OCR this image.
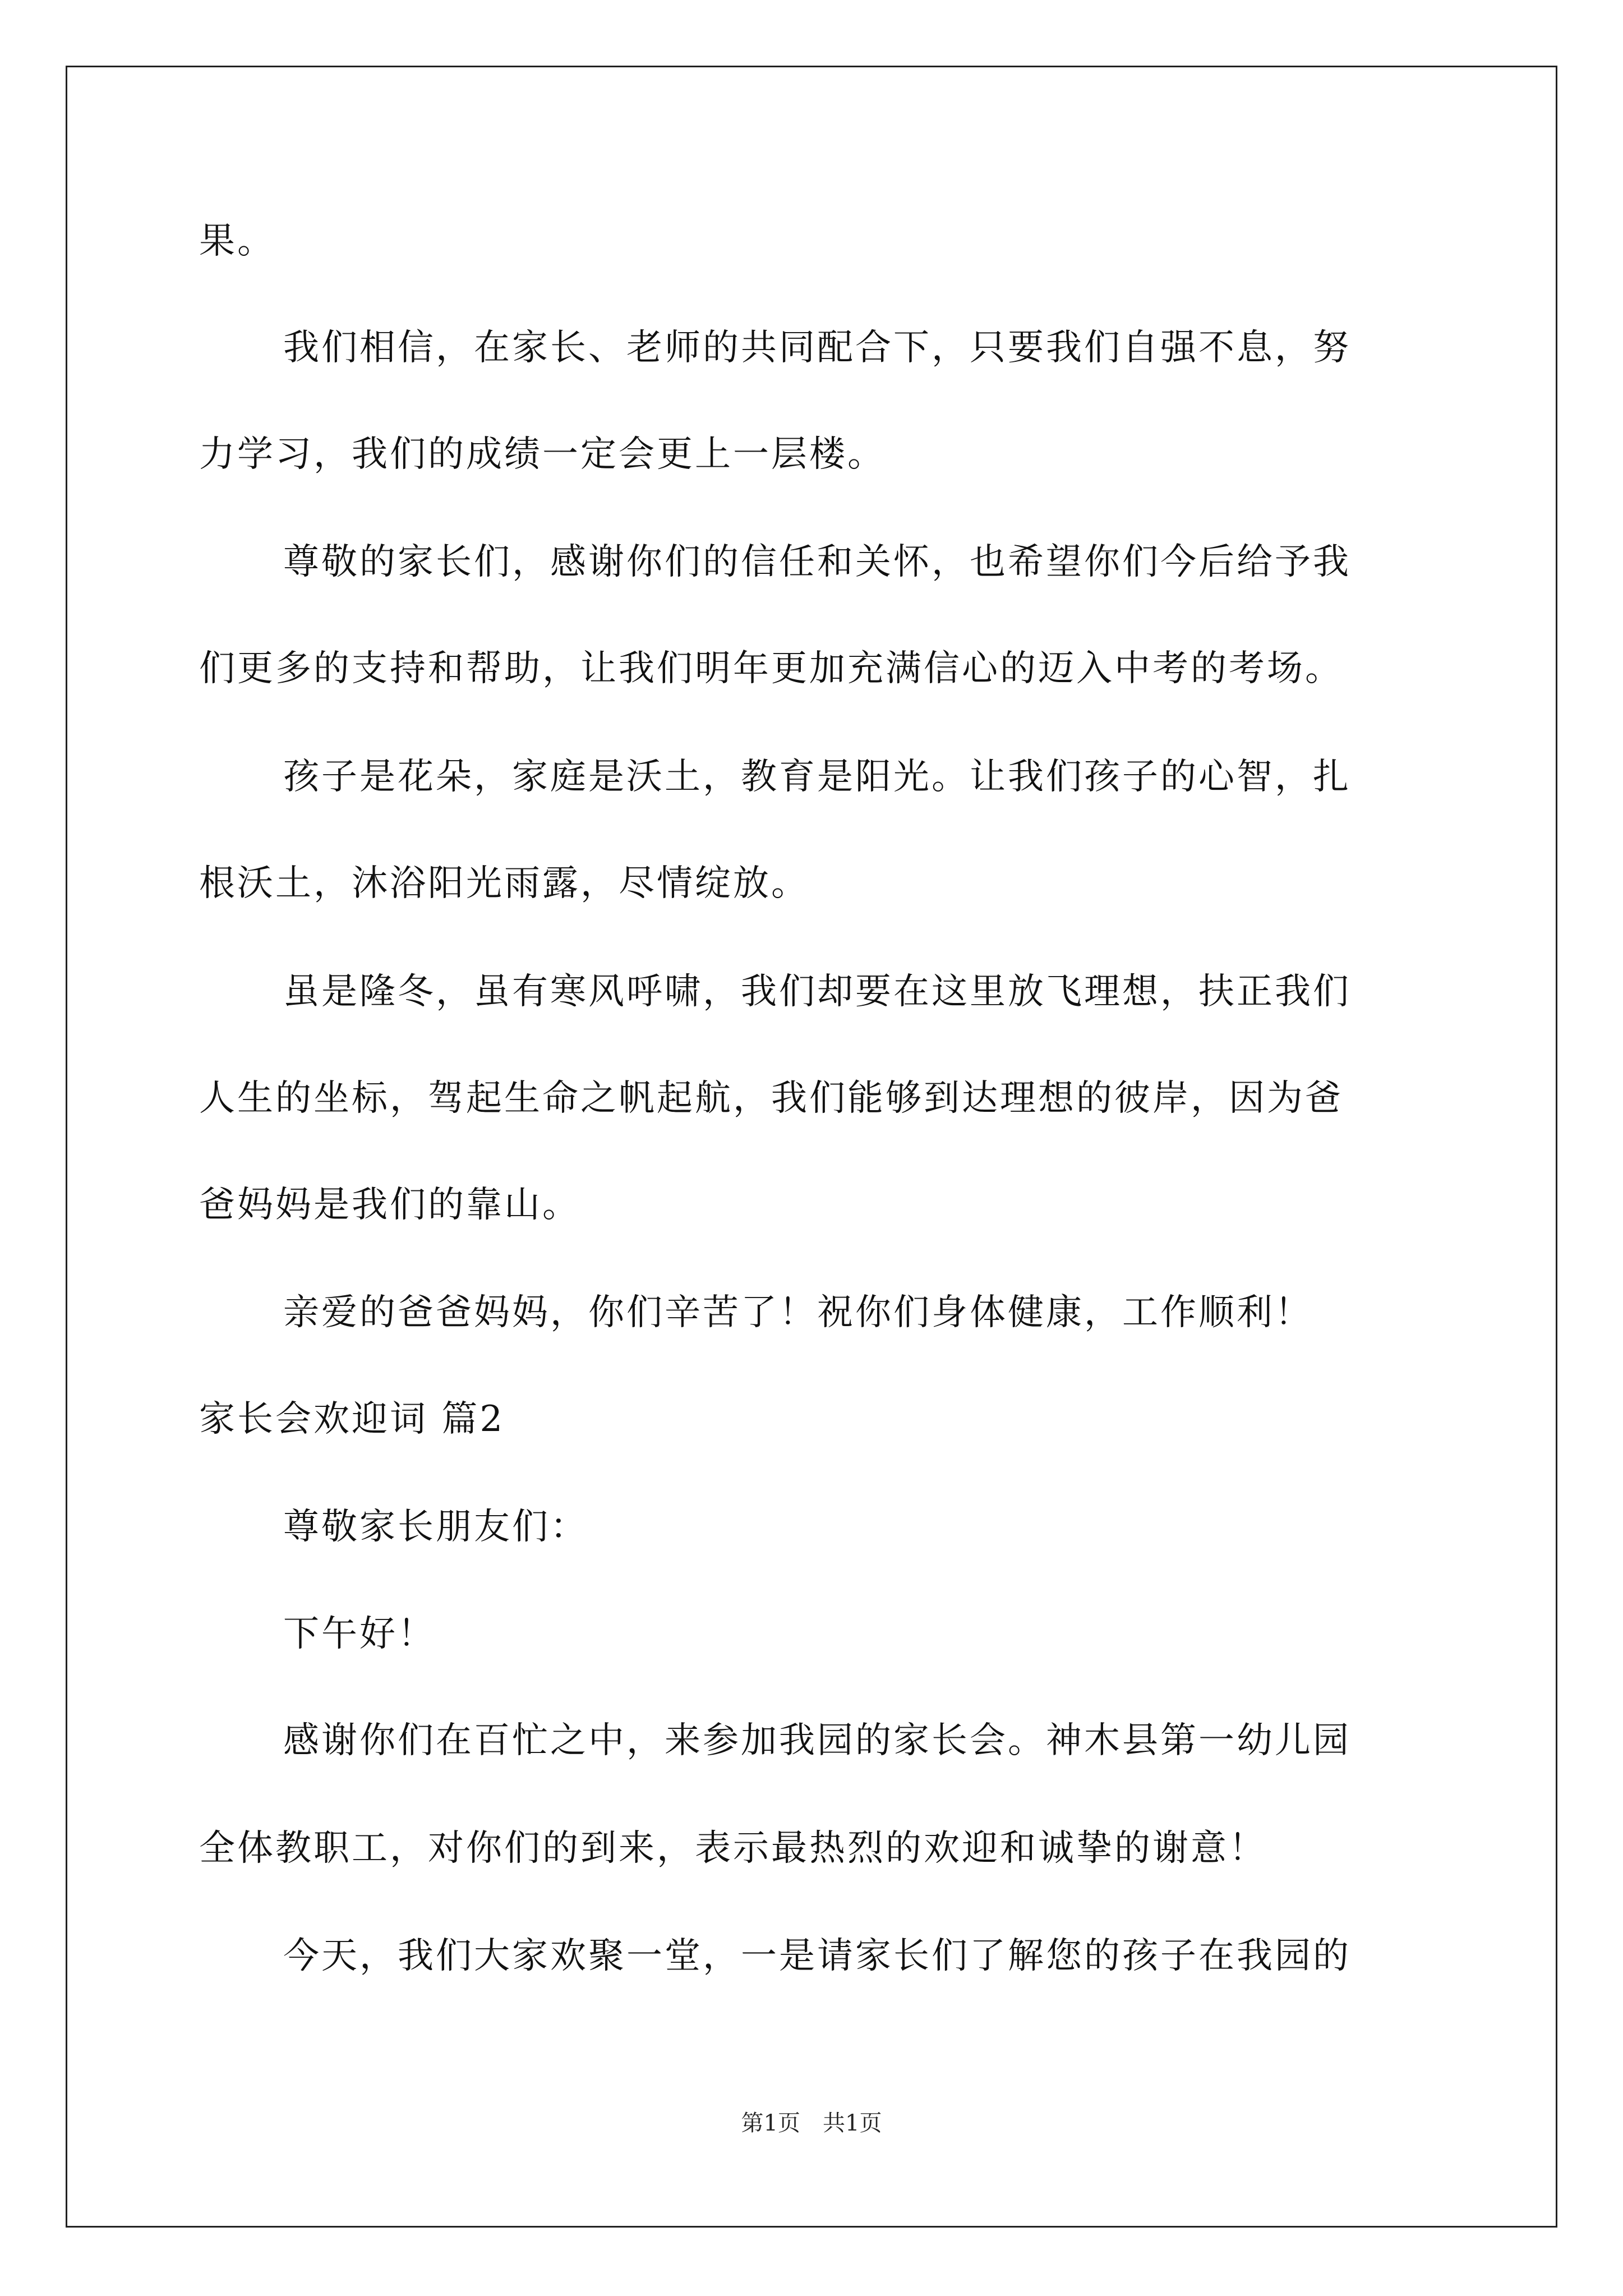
果。
我们相信，在家长、老师的共同配合下，只要我们自强不息，努
力学习，我们的成绩一定会更上一层楼。
尊敬的家长们，感谢你们的信任和关怀，也希望你们今后给予我
们更多的支持和帮助，让我们明年更加充满信心的迈入中考的考场。
孩子是花朵，家庭是沃土，教育是阳光。让我们孩子的心智，扎
根沃土，沐浴阳光雨露，尽情绽放。
虽是隆冬，虽有寒风呼啸，我们却要在这里放飞理想，扶正我们
人生的坐标，驾起生命之帆起航，我们能够到达理想的彼岸，因为爸
爸妈妈是我们的靠山。
亲爱的爸爸妈妈，你们辛苦了！祝你们身体健康，工作顺利！
家长会欢迎词 篇2
尊敬家长朋友们：
下午好！
感谢你们在百忙之中，来参加我园的家长会。神木县第一幼儿园
全体教职工，对你们的到来，表示最热烈的欢迎和诚挚的谢意！
今天，我们大家欢聚一堂，一是请家长们了解您的孩子在我园的
第1页　共1页
